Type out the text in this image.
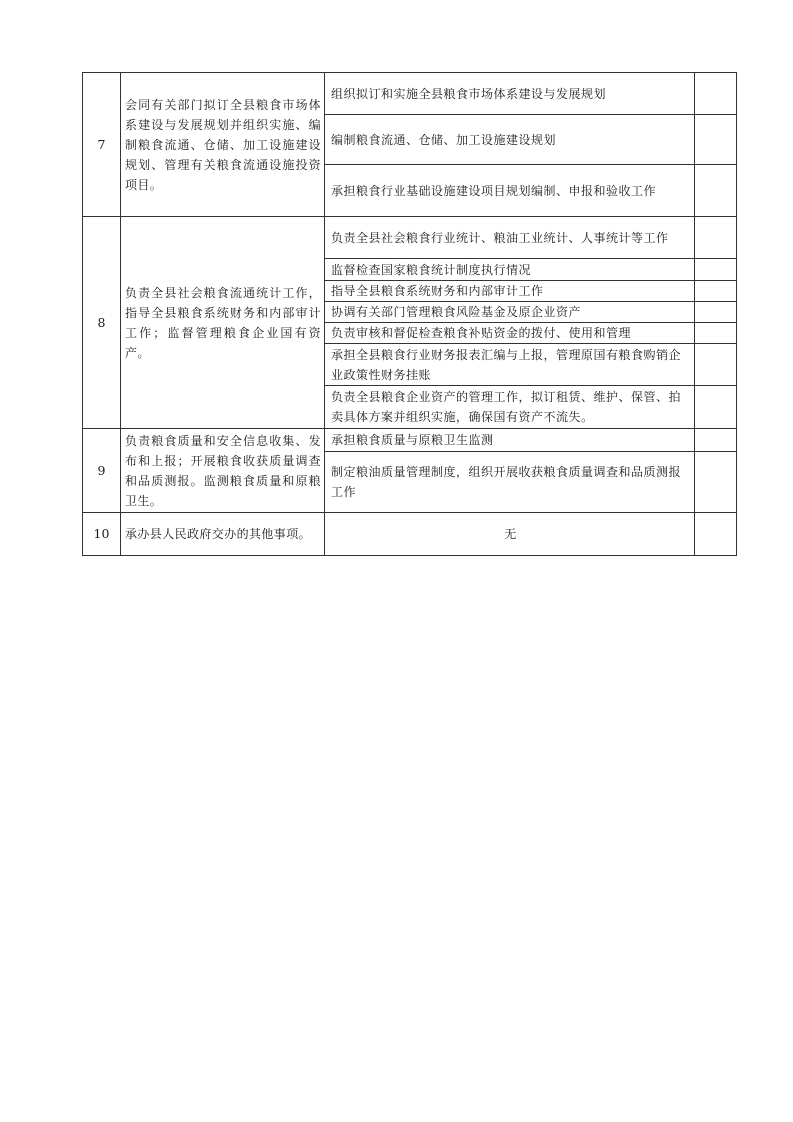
7	会同有关部门拟订全县粮食市场体系建设与发展规划并组织实施、编制粮食流通、仓储、加工设施建设规划、管理有关粮食流通设施投资项目。	组织拟订和实施全县粮食市场体系建设与发展规划	
		编制粮食流通、仓储、加工设施建设规划	
		承担粮食行业基础设施建设项目规划编制、申报和验收工作	
8	负责全县社会粮食流通统计工作，指导全县粮食系统财务和内部审计工作；监督管理粮食企业国有资产。	负责全县社会粮食行业统计、粮油工业统计、人事统计等工作	
		监督检查国家粮食统计制度执行情况	
		指导全县粮食系统财务和内部审计工作	
		协调有关部门管理粮食风险基金及原企业资产	
		负责审核和督促检查粮食补贴资金的拨付、使用和管理	
		承担全县粮食行业财务报表汇编与上报，管理原国有粮食购销企业政策性财务挂账	
		负责全县粮食企业资产的管理工作，拟订租赁、维护、保管、拍卖具体方案并组织实施，确保国有资产不流失。	
9	负责粮食质量和安全信息收集、发布和上报；开展粮食收获质量调查和品质测报。监测粮食质量和原粮卫生。	承担粮食质量与原粮卫生监测	
		制定粮油质量管理制度，组织开展收获粮食质量调查和品质测报工作	
10	承办县人民政府交办的其他事项。	无	
